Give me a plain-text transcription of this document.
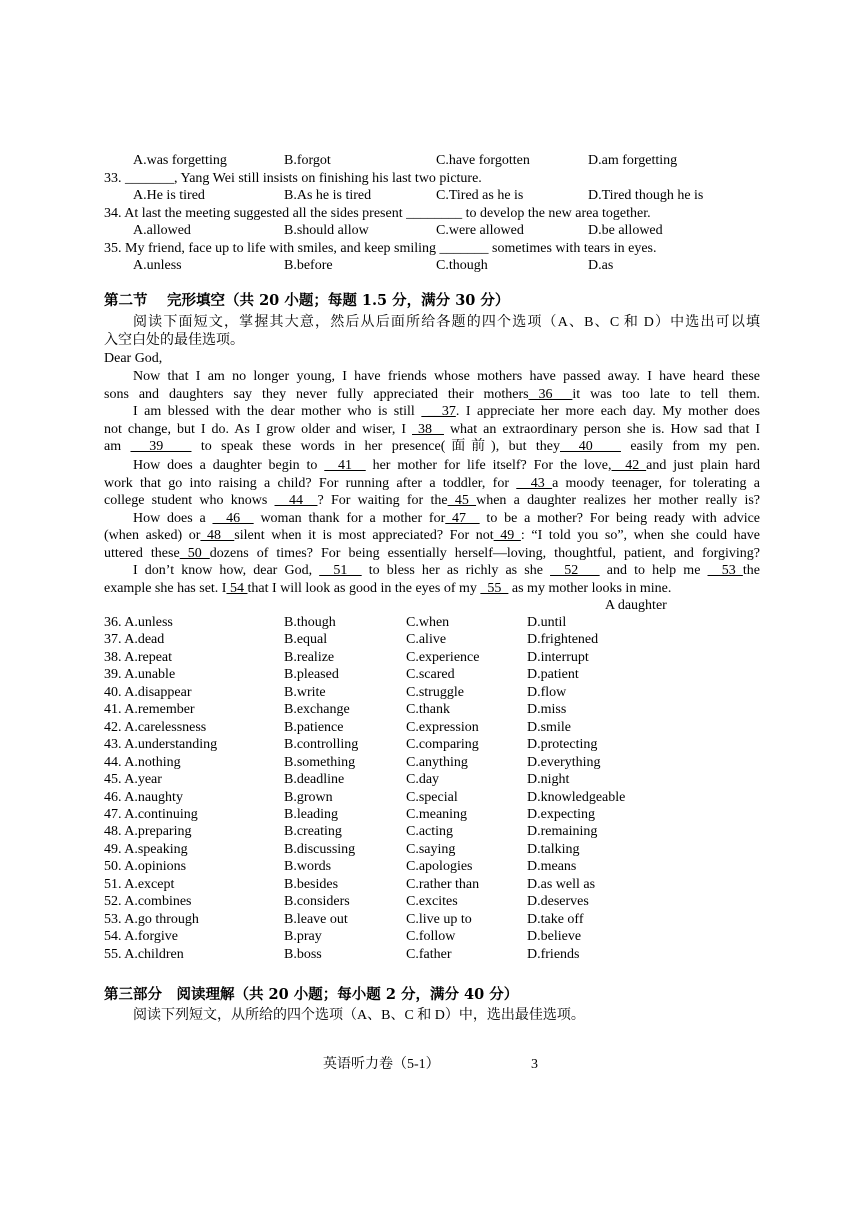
A.was forgetting	B.forgot	C.have forgotten	D.am forgetting
33. _______, Yang Wei still insists on finishing his last two picture.
A.He is tired	B.As he is tired	C.Tired as he is	D.Tired though he is
34. At last the meeting suggested all the sides present ________ to develop the new area together.
A.allowed	B.should allow	C.were allowed	D.be allowed
35. My friend, face up to life with smiles, and keep smiling _______ sometimes with tears in eyes.
A.unless	B.before	C.though	D.as
第二节　 完形填空（共 20 小题；每题 1.5 分，满分 30 分）
阅读下面短文，掌握其大意，然后从后面所给各题的四个选项（A、B、C 和 D）中选出可以填
入空白处的最佳选项。
Dear God,
Now that I am no longer young, I have friends whose mothers have passed away. I have heard these
sons and daughters say they never fully appreciated their mothers 36  it was too late to tell them.
I am blessed with the dear mother who is still  __37. I appreciate her more each day. My mother does
not change, but I do. As I grow older and wiser, I  38   what an extraordinary person she is. How sad that I
am   39    to speak these words in her presence(面前), but they  40    easily from my pen.
How does a daughter begin to   41   her mother for life itself? For the love,  42 and just plain hard
work that go into raising a child? For running after a toddler, for   43 a moody teenager, for tolerating a
college student who knows   44  ? For waiting for the 45 when a daughter realizes her mother really is?
How does a   46   woman thank for a mother for 47   to be a mother? For being ready with advice
(when asked) or 48  silent when it is most appreciated? For not 49 : “I told you so”, when she could have
uttered these 50 dozens of times? For being essentially herself—loving, thoughtful, patient, and forgiving?
I don’t know how, dear God,   51   to bless her as richly as she   52    and to help me   53 the
example she has set. I 54 that I will look as good in the eyes of my   55   as my mother looks in mine.
A daughter
36. A.unless	B.though	C.when	D.until
37. A.dead	B.equal	C.alive	D.frightened
38. A.repeat	B.realize	C.experience	D.interrupt
39. A.unable	B.pleased	C.scared	D.patient
40. A.disappear	B.write	C.struggle	D.flow
41. A.remember	B.exchange	C.thank	D.miss
42. A.carelessness	B.patience	C.expression	D.smile
43. A.understanding	B.controlling	C.comparing	D.protecting
44. A.nothing	B.something	C.anything	D.everything
45. A.year	B.deadline	C.day	D.night
46. A.naughty	B.grown	C.special	D.knowledgeable
47. A.continuing	B.leading	C.meaning	D.expecting
48. A.preparing	B.creating	C.acting	D.remaining
49. A.speaking	B.discussing	C.saying	D.talking
50. A.opinions	B.words	C.apologies	D.means
51. A.except	B.besides	C.rather than	D.as well as
52. A.combines	B.considers	C.excites	D.deserves
53. A.go through	B.leave out	C.live up to	D.take off
54. A.forgive	B.pray	C.follow	D.believe
55. A.children	B.boss	C.father	D.friends
第三部分　阅读理解（共 20 小题；每小题 2 分，满分 40 分）
阅读下列短文，从所给的四个选项（A、B、C 和 D）中，选出最佳选项。
英语听力卷（5-1）	3
